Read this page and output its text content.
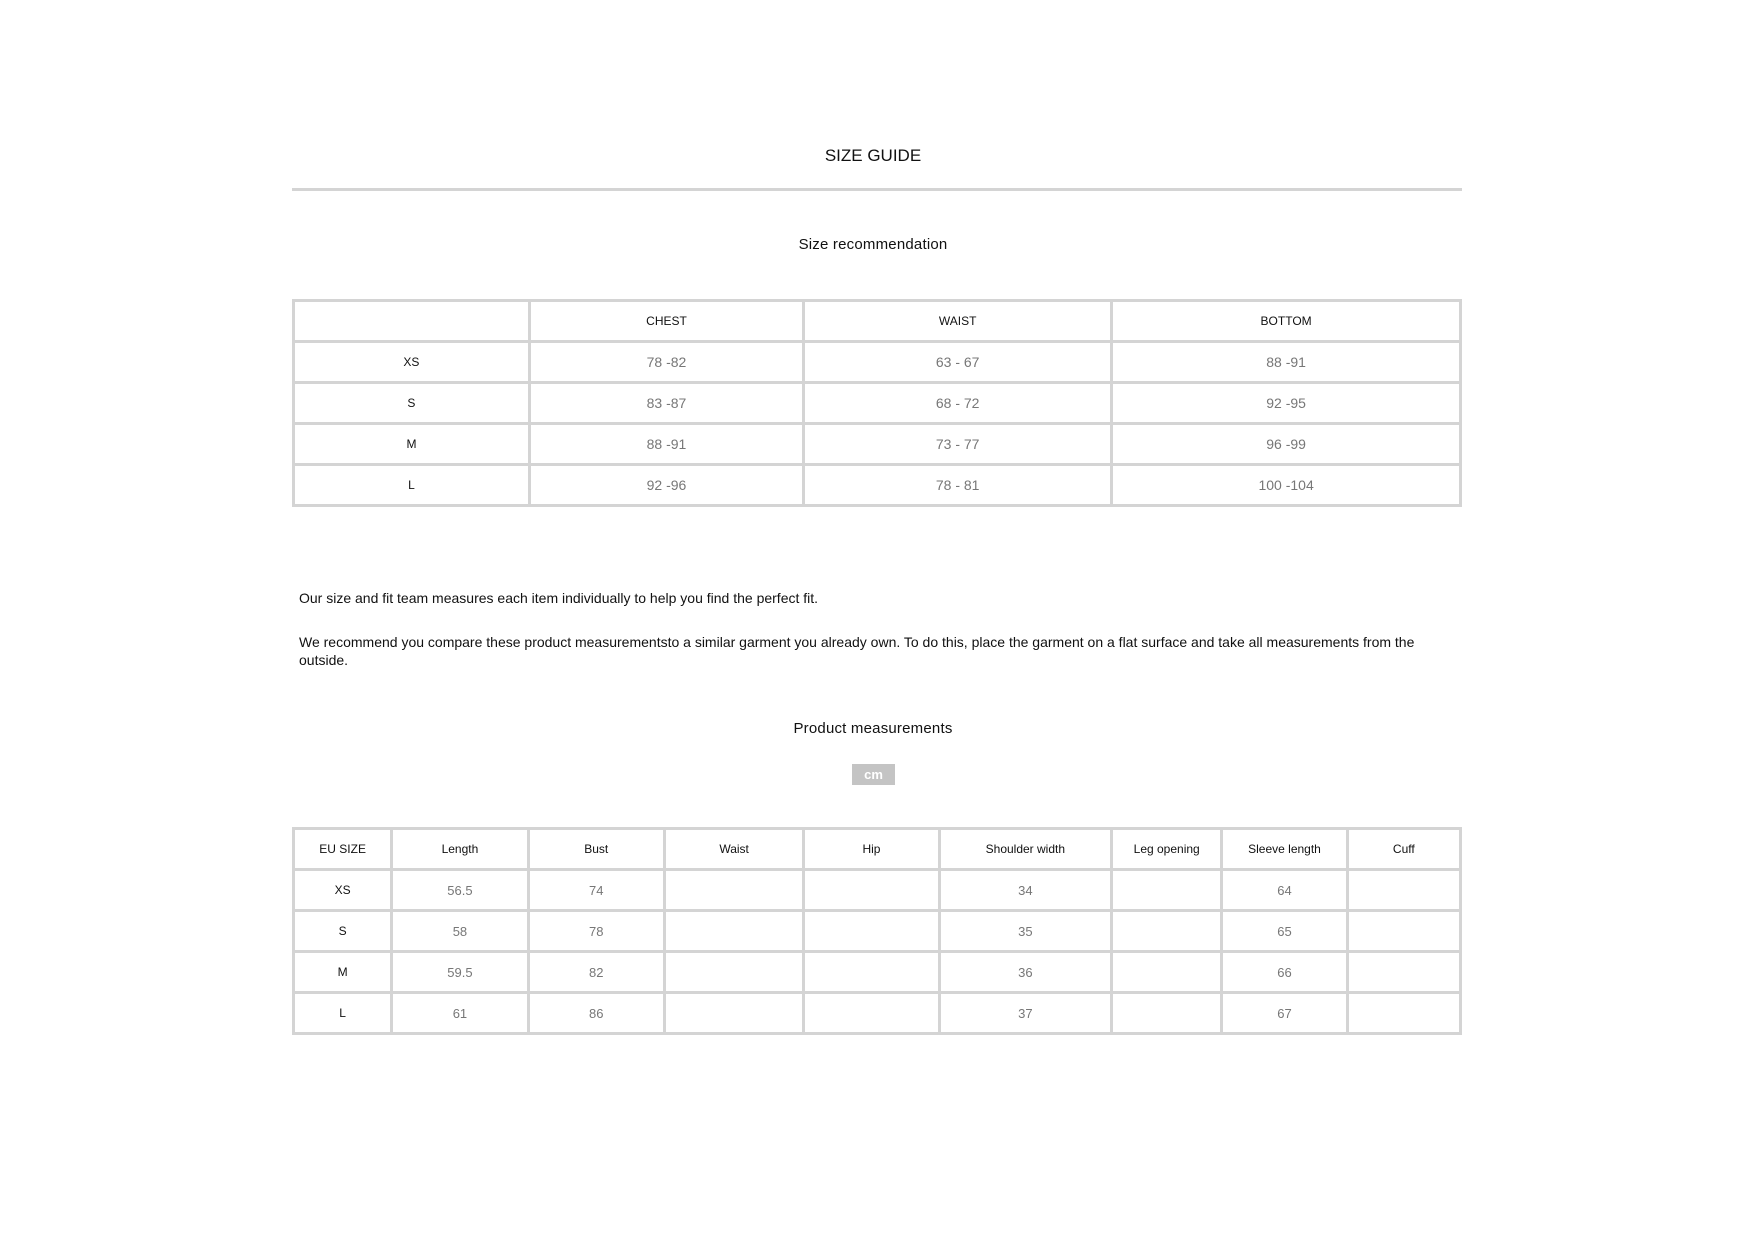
SIZE GUIDE
Size recommendation
	CHEST	WAIST	BOTTOM
XS	78 -82	63 - 67	88 -91
S	83 -87	68 - 72	92 -95
M	88 -91	73 - 77	96 -99
L	92 -96	78 - 81	100 -104
Our size and fit team measures each item individually to help you find the perfect fit.
We recommend you compare these product measurementsto a similar garment you already own. To do this, place the garment on a flat surface and take all measurements from the outside.
Product measurements
cm
EU SIZE	Length	Bust	Waist	Hip	Shoulder width	Leg opening	Sleeve length	Cuff
XS	56.5	74			34		64	
S	58	78			35		65	
M	59.5	82			36		66	
L	61	86			37		67	
